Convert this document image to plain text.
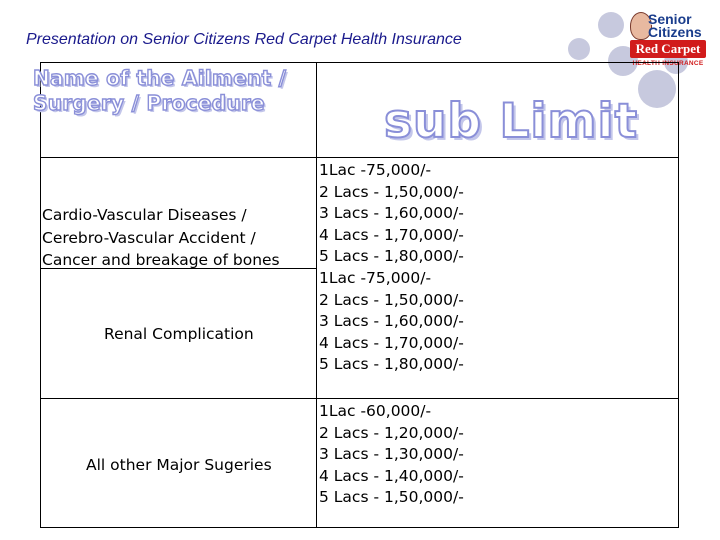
Presentation on Senior Citizens Red Carpet Health Insurance
Senior
Citizens
Red Carpet
HEALTH INSURANCE
Name of the Ailment / Surgery / Procedure	sub Limit
Cardio-Vascular Diseases /
Cerebro-Vascular Accident /
Cancer and breakage of bones
Renal Complication
All other Major Sugeries
1Lac -75,000/-
2 Lacs - 1,50,000/-
3 Lacs - 1,60,000/-
4 Lacs - 1,70,000/-
5 Lacs - 1,80,000/-
1Lac -75,000/-
2 Lacs - 1,50,000/-
3 Lacs - 1,60,000/-
4 Lacs - 1,70,000/-
5 Lacs - 1,80,000/-
1Lac -60,000/-
2 Lacs - 1,20,000/-
3 Lacs - 1,30,000/-
4 Lacs - 1,40,000/-
5 Lacs - 1,50,000/-
